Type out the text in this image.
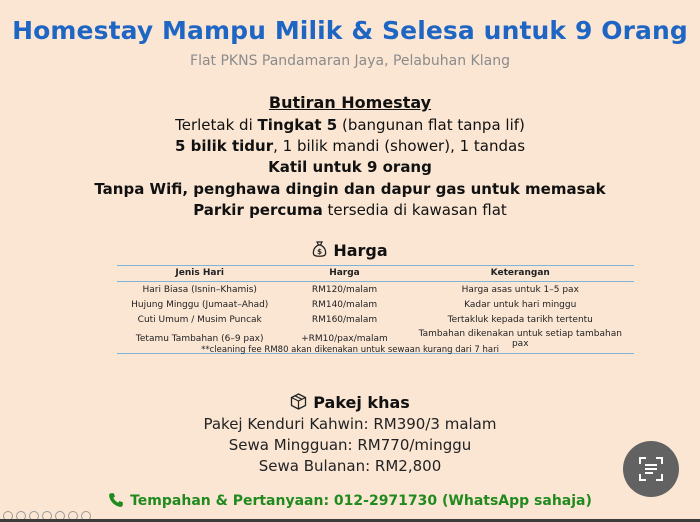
Homestay Mampu Milik & Selesa untuk 9 Orang
Flat PKNS Pandamaran Jaya, Pelabuhan Klang
Butiran Homestay
Terletak di Tingkat 5 (bangunan flat tanpa lif)
5 bilik tidur, 1 bilik mandi (shower), 1 tandas
Katil untuk 9 orang
Tanpa Wifi, penghawa dingin dan dapur gas untuk memasak
Parkir percuma tersedia di kawasan flat
$ Harga
Jenis Hari	Harga	Keterangan
Hari Biasa (Isnin–Khamis)	RM120/malam	Harga asas untuk 1–5 pax
Hujung Minggu (Jumaat–Ahad)	RM140/malam	Kadar untuk hari minggu
Cuti Umum / Musim Puncak	RM160/malam	Tertakluk kepada tarikh tertentu
Tetamu Tambahan (6–9 pax)	+RM10/pax/malam	Tambahan dikenakan untuk setiap tambahan pax
**cleaning fee RM80 akan dikenakan untuk sewaan kurang dari 7 hari
Pakej khas
Pakej Kenduri Kahwin: RM390/3 malam
Sewa Mingguan: RM770/minggu
Sewa Bulanan: RM2,800
Tempahan & Pertanyaan: 012-2971730 (WhatsApp sahaja)
